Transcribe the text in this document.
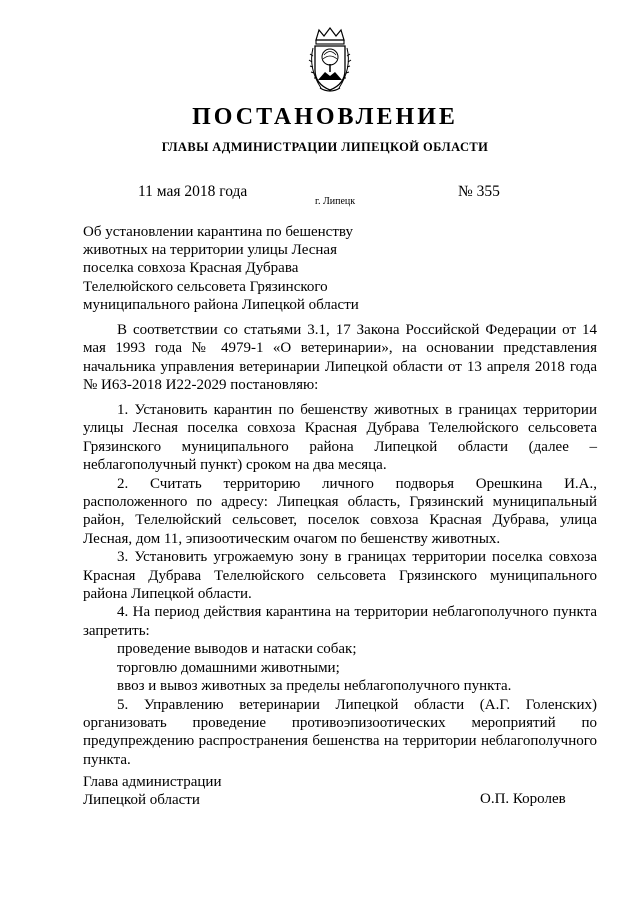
ПОСТАНОВЛЕНИЕ
ГЛАВЫ АДМИНИСТРАЦИИ ЛИПЕЦКОЙ ОБЛАСТИ
11 мая 2018 года
г. Липецк
№ 355
Об установлении карантина по бешенству
животных на территории улицы Лесная
поселка совхоза Красная Дубрава
Телелюйского сельсовета Грязинского
муниципального района Липецкой области

В соответствии со статьями 3.1, 17 Закона Российской Федерации от 14 мая 1993 года № 4979-1 «О ветеринарии», на основании представления начальника управления ветеринарии Липецкой области от 13 апреля 2018 года № И63-2018 И22-2029 постановляю:

1. Установить карантин по бешенству животных в границах территории улицы Лесная поселка совхоза Красная Дубрава Телелюйского сельсовета Грязинского муниципального района Липецкой области (далее – неблагополучный пункт) сроком на два месяца.

2. Считать территорию личного подворья Орешкина И.А., расположенного по адресу: Липецкая область, Грязинский муниципальный район, Телелюйский сельсовет, поселок совхоза Красная Дубрава, улица Лесная, дом 11, эпизоотическим очагом по бешенству животных.

3. Установить угрожаемую зону в границах территории поселка совхоза Красная Дубрава Телелюйского сельсовета Грязинского муниципального района Липецкой области.

4. На период действия карантина на территории неблагополучного пункта запретить:

проведение выводов и натаски собак;

торговлю домашними животными;

ввоз и вывоз животных за пределы неблагополучного пункта.

5. Управлению ветеринарии Липецкой области (А.Г. Голенских) организовать проведение противоэпизоотических мероприятий по предупреждению распространения бешенства на территории неблагополучного пункта.

Глава администрации
Липецкой области	О.П. Королев
